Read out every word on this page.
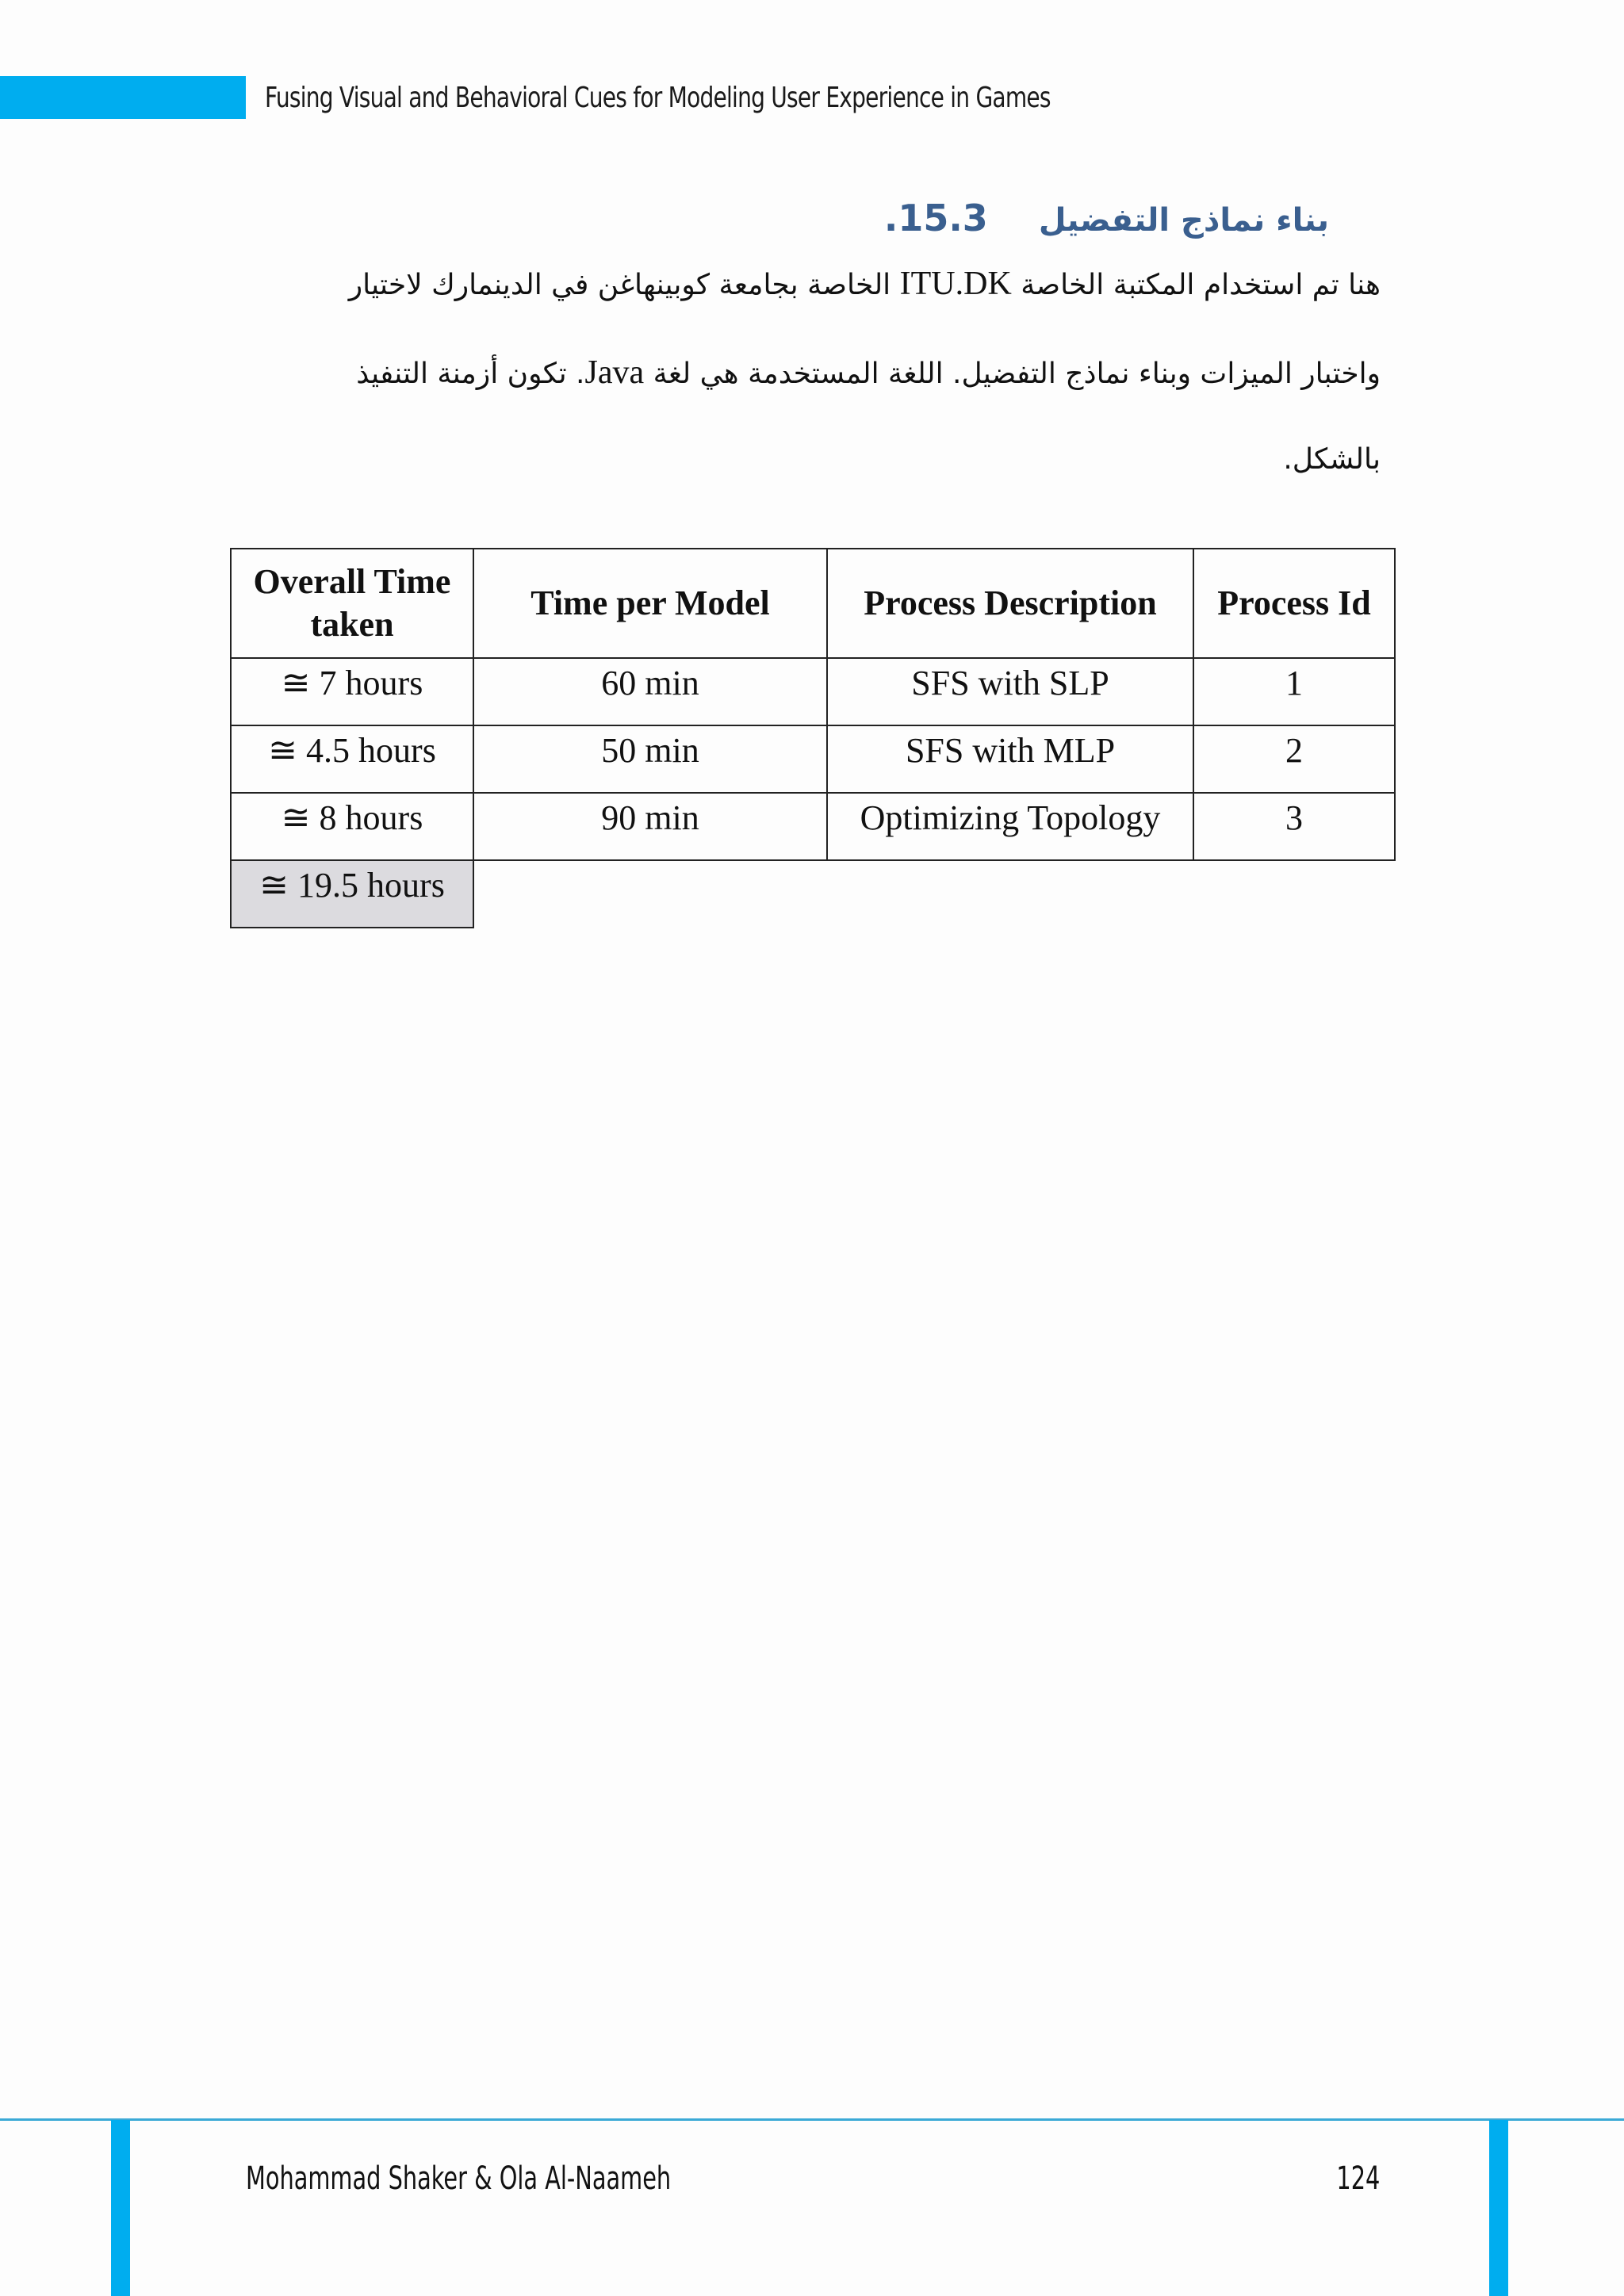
Fusing Visual and Behavioral Cues for Modeling User Experience in Games
بناء نماذج التفضيل.15.3
هنا تم استخدام المكتبة الخاصة ITU.DK الخاصة بجامعة كوبينهاغن في الدينمارك لاختيار
واختبار الميزات وبناء نماذج التفضيل. اللغة المستخدمة هي لغة Java. تكون أزمنة التنفيذ
بالشكل.
Overall Time taken	Time per Model	Process Description	Process Id
≅ 7 hours	60 min	SFS with SLP	1
≅ 4.5 hours	50 min	SFS with MLP	2
≅ 8 hours	90 min	Optimizing Topology	3
≅ 19.5 hours			
Mohammad Shaker & Ola Al-Naameh	124
